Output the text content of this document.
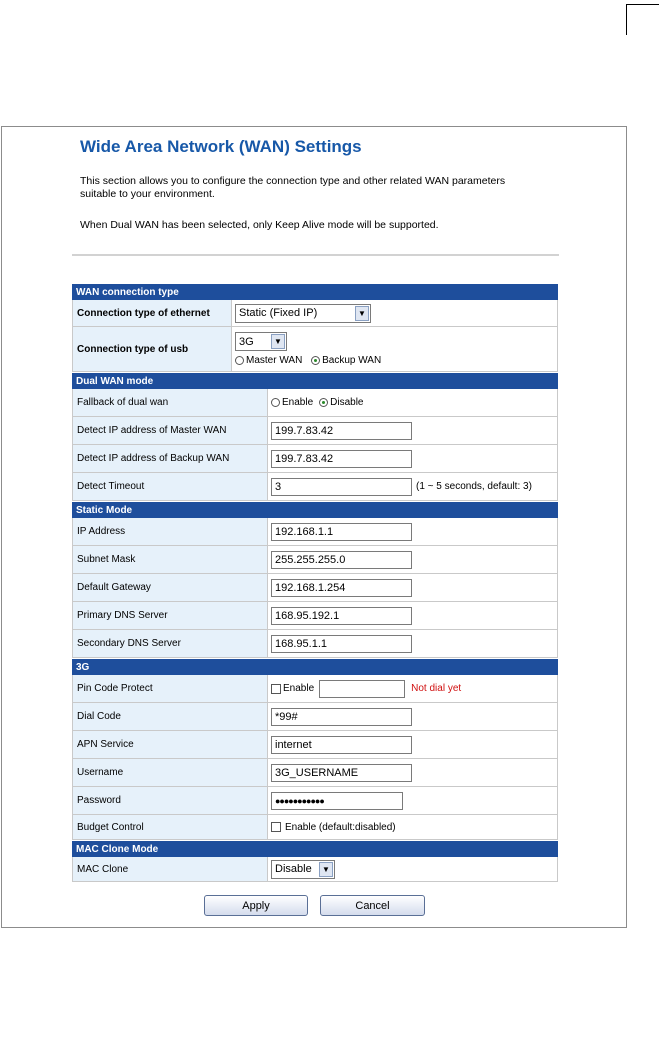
Wide Area Network (WAN) Settings
This section allows you to configure the connection type and other related WAN parameters
suitable to your environment.
When Dual WAN has been selected, only Keep Alive mode will be supported.
WAN connection type
Connection type of ethernet	Static (Fixed IP)	▼
Connection type of usb
3G	▼
Master WAN Backup WAN
Dual WAN mode
Fallback of dual wan	Enable Disable
Detect IP address of Master WAN	199.7.83.42
Detect IP address of Backup WAN	199.7.83.42
Detect Timeout	3	(1 ~ 5 seconds, default: 3)
Static Mode
IP Address	192.168.1.1
Subnet Mask	255.255.255.0
Default Gateway	192.168.1.254
Primary DNS Server	168.95.192.1
Secondary DNS Server	168.95.1.1
3G
Pin Code Protect	Enable	Not dial yet
Dial Code	*99#
APN Service	internet
Username	3G_USERNAME
Password	●●●●●●●●●●●
Budget Control	Enable (default:disabled)
MAC Clone Mode
MAC Clone	Disable	▼
Apply	Cancel
